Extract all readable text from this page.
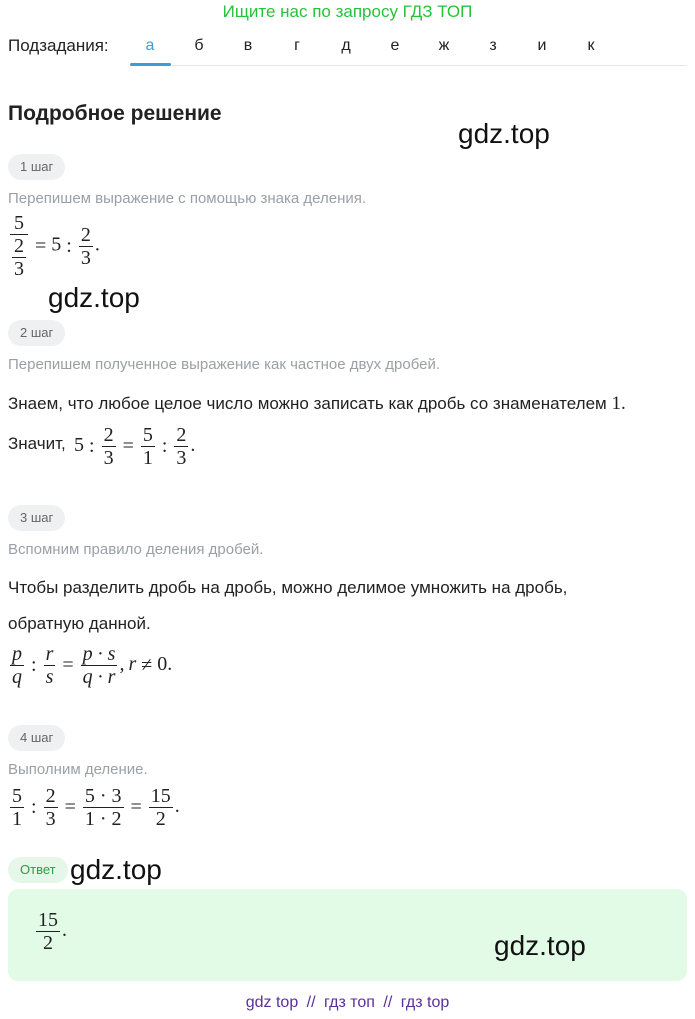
Ищите нас по запросу ГДЗ ТОП
Подзадания:	а	б	в	г	д	е	ж	з	и	к
Подробное решение
gdz.top
1 шаг
Перепишем выражение с помощью знака деления.
$\frac{5}{\frac{2}{3}} = 5$ : $\frac{2}{3}$ .
gdz.top
2 шаг
Перепишем полученное выражение как частное двух дробей.
Знаем, что любое целое число можно записать как дробь со знаменателем 1.
Значит, 5 : $\frac{2}{3} = \frac{5}{1}$ : $\frac{2}{3}$ .
3 шаг
Вспомним правило деления дробей.
Чтобы разделить дробь на дробь, можно делимое умножить на дробь,
обратную данной.
$\frac{p}{q}$ : $\frac{r}{s} = \frac{p \cdot s}{q \cdot r}$ , r ≠ 0.
4 шаг
Выполним деление.
$\frac{5}{1}$ : $\frac{2}{3} = \frac{5 \cdot 3}{1 \cdot 2} = \frac{15}{2}$ .
Ответ gdz.top
$\frac{15}{2}$ .	gdz.top
gdz top // гдз топ // гдз top
